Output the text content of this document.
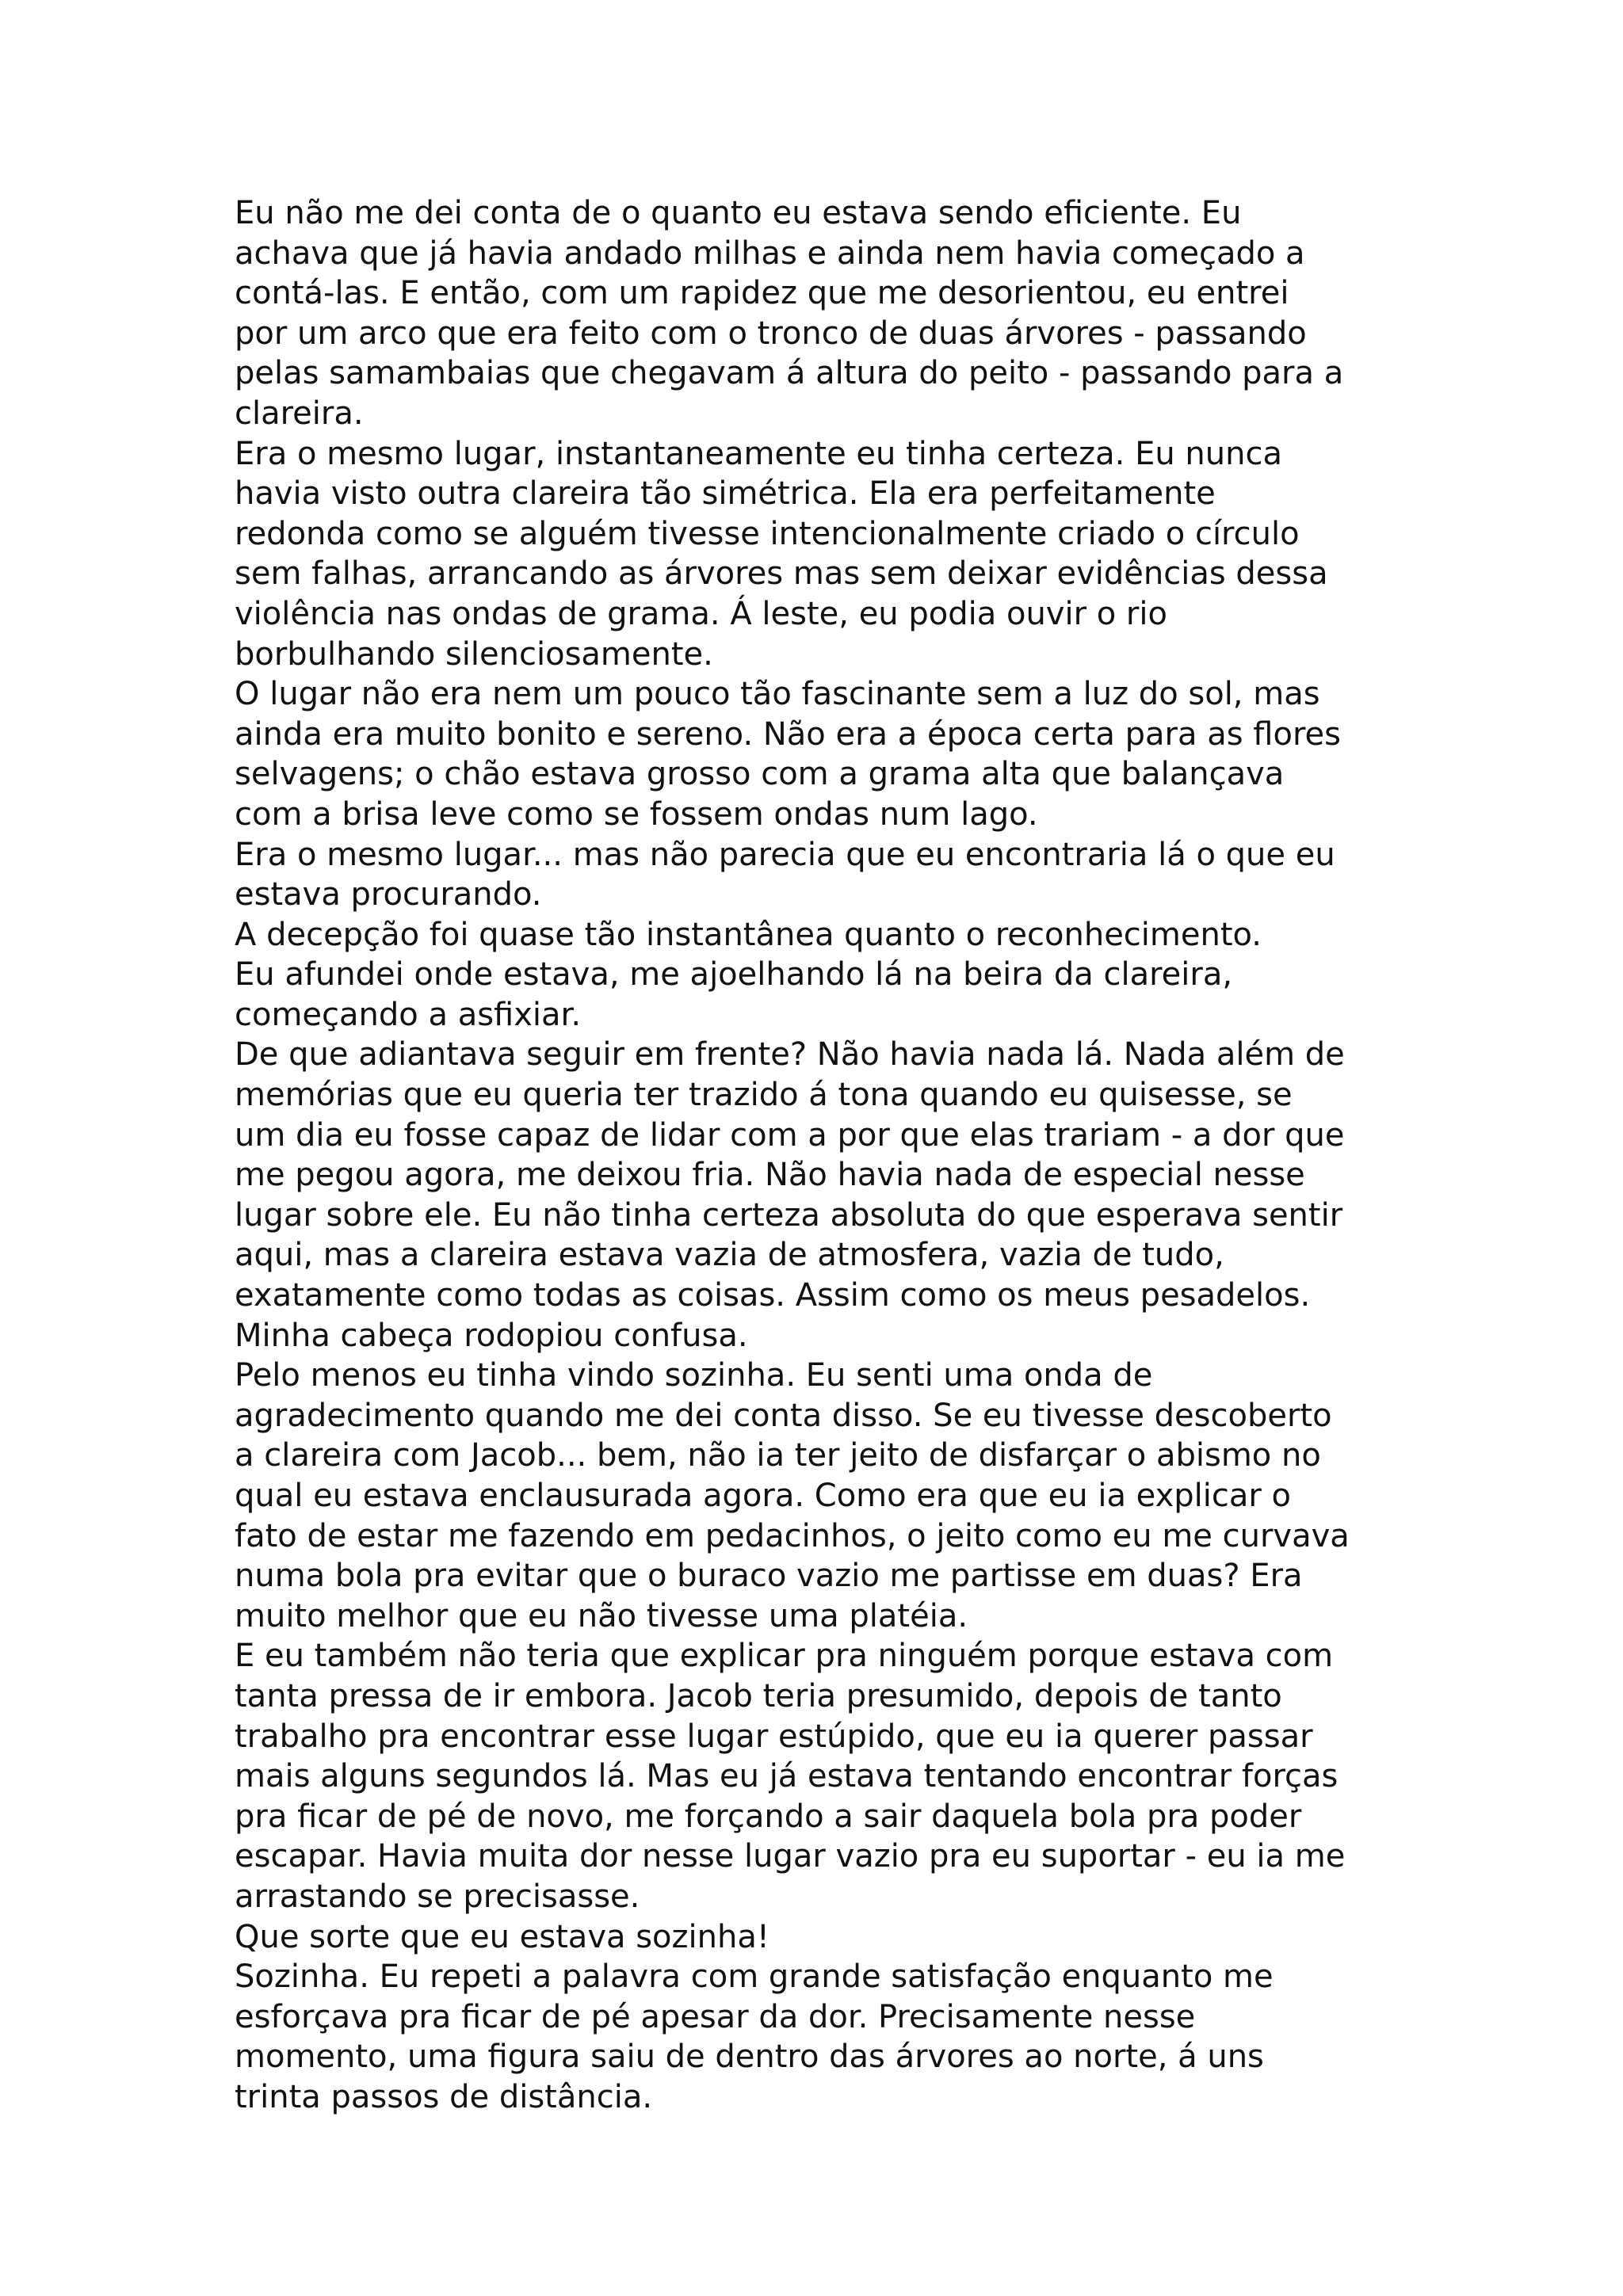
Eu não me dei conta de o quanto eu estava sendo eficiente. Eu
achava que já havia andado milhas e ainda nem havia começado a
contá-las. E então, com um rapidez que me desorientou, eu entrei
por um arco que era feito com o tronco de duas árvores - passando
pelas samambaias que chegavam á altura do peito - passando para a
clareira.

Era o mesmo lugar, instantaneamente eu tinha certeza. Eu nunca
havia visto outra clareira tão simétrica. Ela era perfeitamente
redonda como se alguém tivesse intencionalmente criado o círculo
sem falhas, arrancando as árvores mas sem deixar evidências dessa
violência nas ondas de grama. Á leste, eu podia ouvir o rio
borbulhando silenciosamente.

O lugar não era nem um pouco tão fascinante sem a luz do sol, mas
ainda era muito bonito e sereno. Não era a época certa para as flores
selvagens; o chão estava grosso com a grama alta que balançava
com a brisa leve como se fossem ondas num lago.

Era o mesmo lugar... mas não parecia que eu encontraria lá o que eu
estava procurando.

A decepção foi quase tão instantânea quanto o reconhecimento.

Eu afundei onde estava, me ajoelhando lá na beira da clareira,
começando a asfixiar.

De que adiantava seguir em frente? Não havia nada lá. Nada além de
memórias que eu queria ter trazido á tona quando eu quisesse, se
um dia eu fosse capaz de lidar com a por que elas trariam - a dor que
me pegou agora, me deixou fria. Não havia nada de especial nesse
lugar sobre ele. Eu não tinha certeza absoluta do que esperava sentir
aqui, mas a clareira estava vazia de atmosfera, vazia de tudo,
exatamente como todas as coisas. Assim como os meus pesadelos.

Minha cabeça rodopiou confusa.

Pelo menos eu tinha vindo sozinha. Eu senti uma onda de
agradecimento quando me dei conta disso. Se eu tivesse descoberto
a clareira com Jacob... bem, não ia ter jeito de disfarçar o abismo no
qual eu estava enclausurada agora. Como era que eu ia explicar o
fato de estar me fazendo em pedacinhos, o jeito como eu me curvava
numa bola pra evitar que o buraco vazio me partisse em duas? Era
muito melhor que eu não tivesse uma platéia.

E eu também não teria que explicar pra ninguém porque estava com
tanta pressa de ir embora. Jacob teria presumido, depois de tanto
trabalho pra encontrar esse lugar estúpido, que eu ia querer passar
mais alguns segundos lá. Mas eu já estava tentando encontrar forças
pra ficar de pé de novo, me forçando a sair daquela bola pra poder
escapar. Havia muita dor nesse lugar vazio pra eu suportar - eu ia me
arrastando se precisasse.

Que sorte que eu estava sozinha!

Sozinha. Eu repeti a palavra com grande satisfação enquanto me
esforçava pra ficar de pé apesar da dor. Precisamente nesse
momento, uma figura saiu de dentro das árvores ao norte, á uns
trinta passos de distância.
